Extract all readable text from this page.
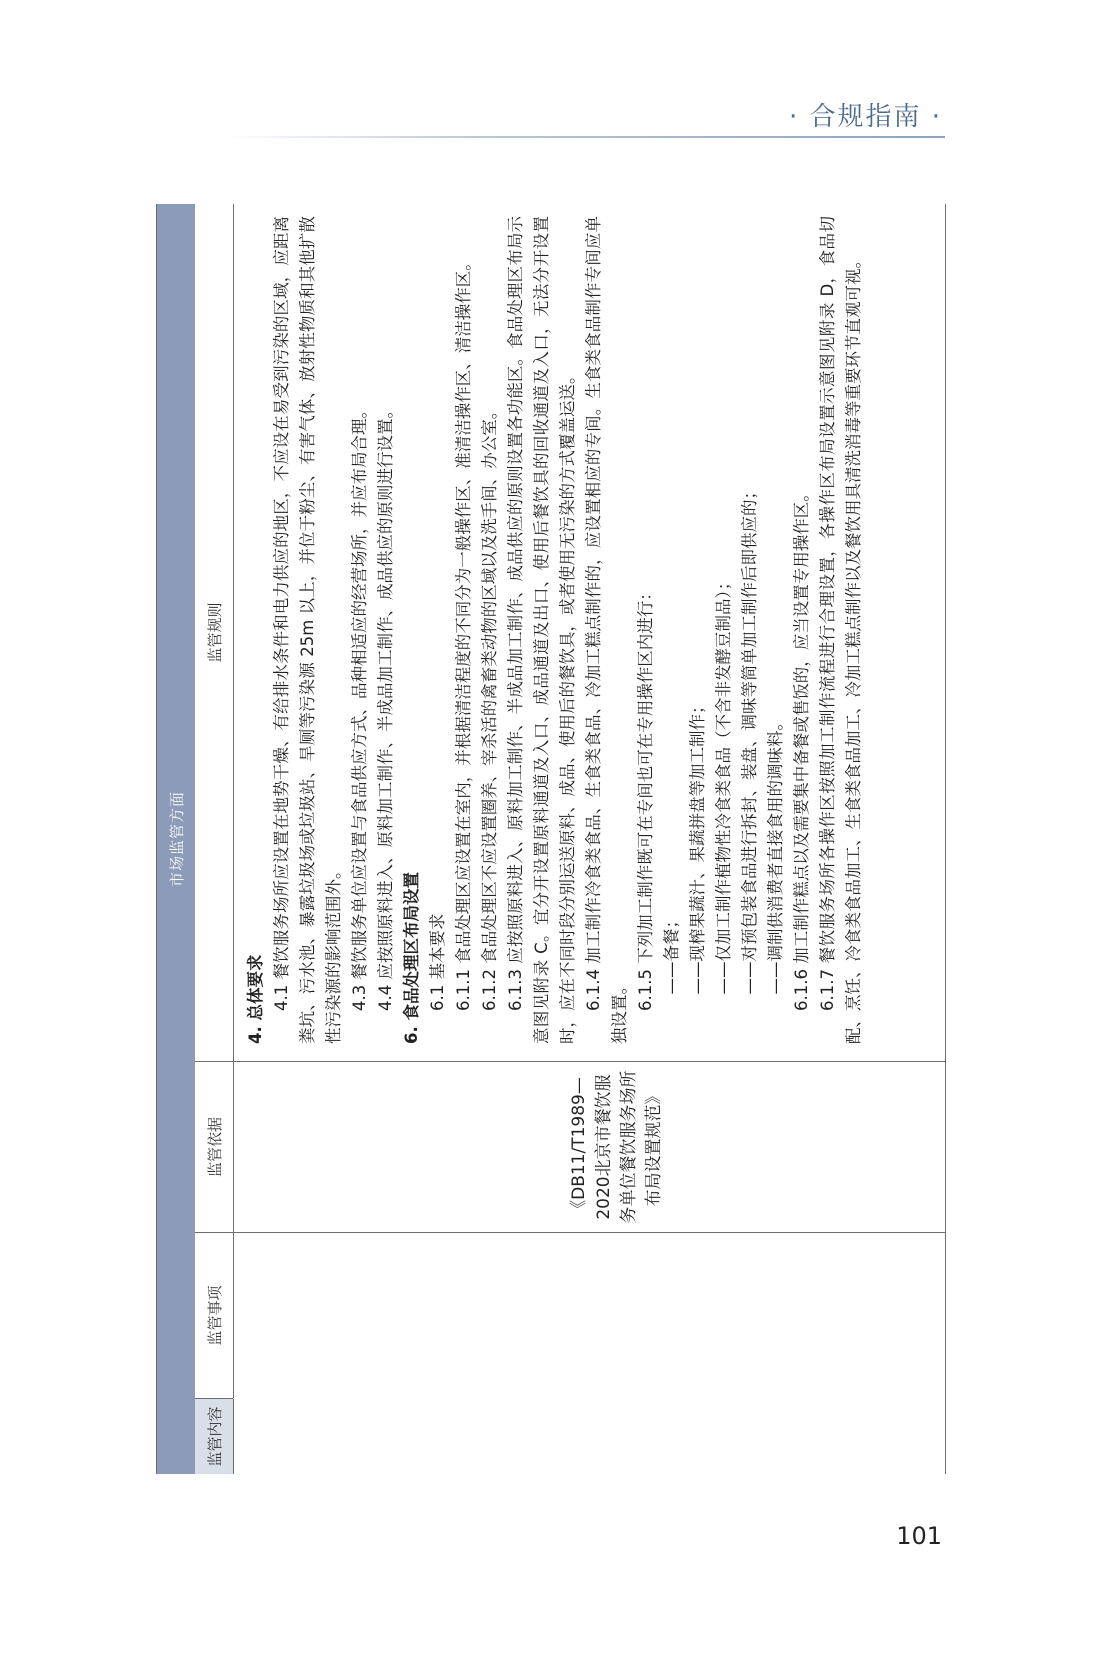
· 合规指南 ·
市场监管方面
监管内容
监管事项
监管依据
监管规则
《DB11/T1989—2020北京市餐饮服务单位餐饮服务场所布局设置规范》

4. 总体要求 4.1 餐饮服务场所应设置在地势干燥、有给排水条件和电力供应的地区，不应设在易受到污染的区域，应距离粪坑、污水池、暴露垃圾场或垃圾站、旱厕等污染源 25m 以上，并位于粉尘、有害气体、放射性物质和其他扩散性污染源的影响范围外。 4.3 餐饮服务单位应设置与食品供应方式、品种相适应的经营场所，并应布局合理。 4.4 应按照原料进入、原料加工制作、半成品加工制作、成品供应的原则进行设置。 6. 食品处理区布局设置 6.1 基本要求 6.1.1 食品处理区应设置在室内，并根据清洁程度的不同分为一般操作区、准清洁操作区、清洁操作区。 6.1.2 食品处理区不应设置圈养、宰杀活的禽畜类动物的区域以及洗手间、办公室。 6.1.3 应按照原料进入、原料加工制作、半成品加工制作、成品供应的原则设置各功能区。食品处理区布局示意图见附录 C。宜分开设置原料通道及入口、成品通道及出口、使用后餐饮具的回收通道及入口，无法分开设置时，应在不同时段分别运送原料、成品、使用后的餐饮具，或者使用无污染的方式覆盖运送。 6.1.4 加工制作冷食类食品、生食类食品、冷加工糕点制作的，应设置相应的专间。生食类食品制作专间应单独设置。 6.1.5 下列加工制作既可在专间也可在专用操作区内进行： ——备餐； ——现榨果蔬汁、果蔬拼盘等加工制作； ——仅加工制作植物性冷食类食品（不含非发酵豆制品）； ——对预包装食品进行拆封、装盘、调味等简单加工制作后即供应的； ——调制供消费者直接食用的调味料。 6.1.6 加工制作糕点以及需要集中备餐或售饭的，应当设置专用操作区。 6.1.7 餐饮服务场所各操作区按照加工制作流程进行合理设置，各操作区布局设置示意图见附录 D，食品切配、烹饪、冷食类食品加工、生食类食品加工、冷加工糕点制作以及餐饮用具清洗消毒等重要环节直观可视。

101
